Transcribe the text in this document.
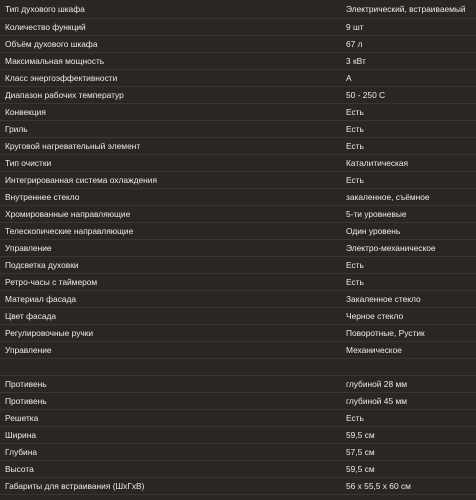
Тип духового шкафа	Электрический, встраиваемый
Количество функций	9 шт
Объём духового шкафа	67 л
Максимальная мощность	3 кВт
Класс энергоэффективности	A
Диапазон рабочих температур	50 - 250 С
Конвекция	Есть
Гриль	Есть
Круговой нагревательный элемент	Есть
Тип очистки	Каталитическая
Интегрированная система охлаждения	Есть
Внутреннее стекло	закаленное, съёмное
Хромированные направляющие	5-ти уровневые
Телескопические направляющие	Один уровень
Управление	Электро-механическое
Подсветка духовки	Есть
Ретро-часы с таймером	Есть
Материал фасада	Закаленное стекло
Цвет фасада	Черное стекло
Регулировочные ручки	Поворотные, Рустик
Управление	Механическое
Противень	глубиной 28 мм
Противень	глубиной 45 мм
Решетка	Есть
Ширина	59,5 см
Глубина	57,5 см
Высота	59,5 см
Габариты для встраивания (ШхГхВ)	56 х 55,5 х 60 см
